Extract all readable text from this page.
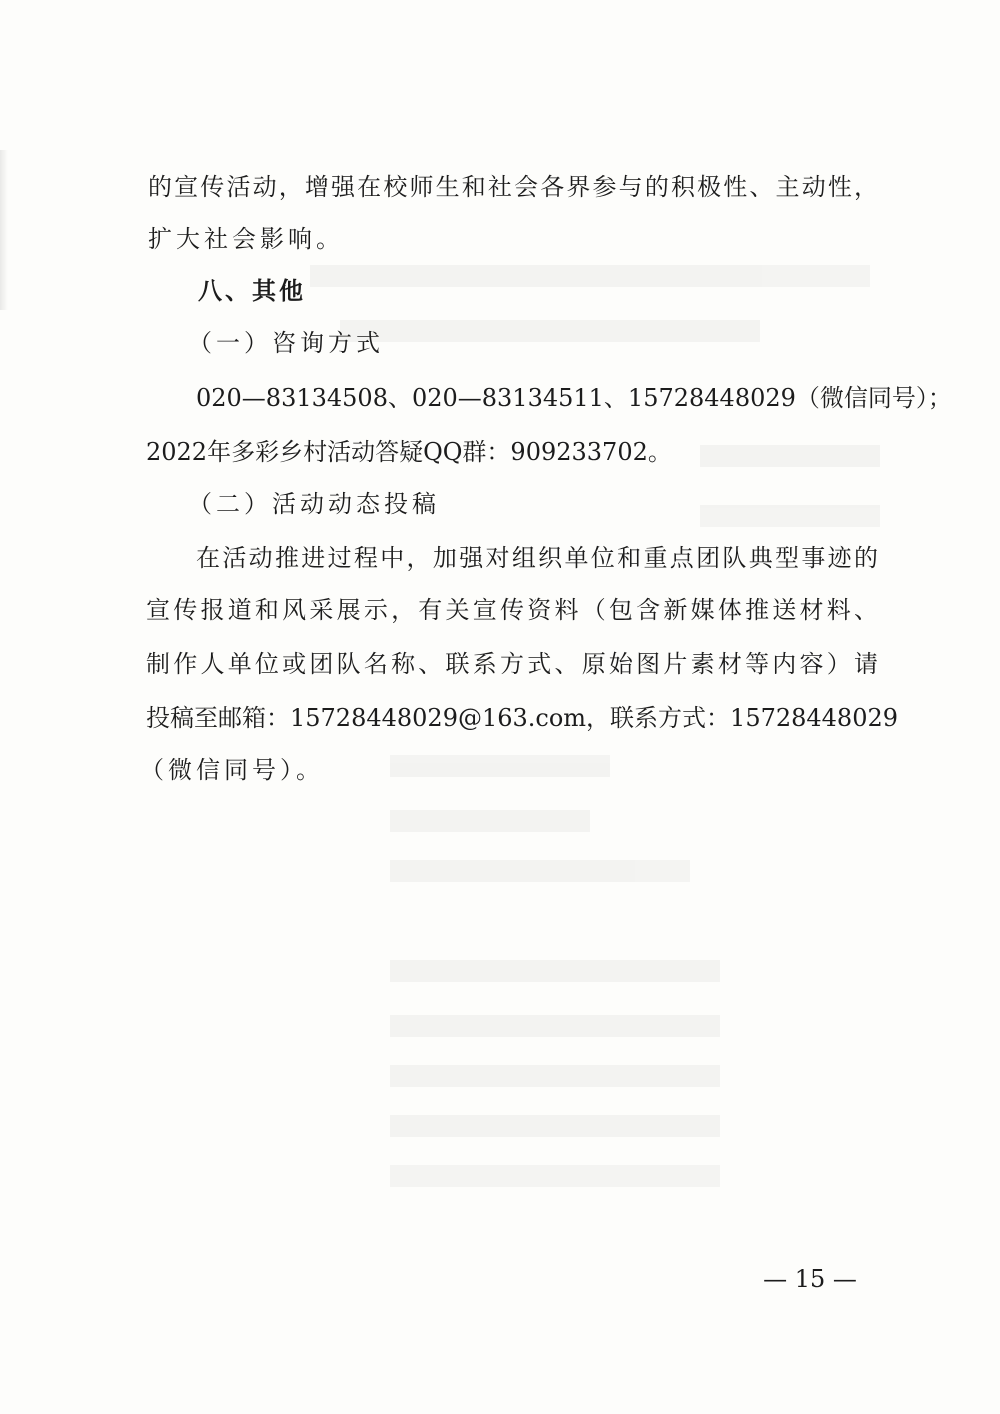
的宣传活动，增强在校师生和社会各界参与的积极性、主动性，
扩大社会影响。
八、其他
（一）咨询方式
020—83134508、020—83134511、15728448029（微信同号）；
2022年多彩乡村活动答疑QQ群：909233702。
（二）活动动态投稿
在活动推进过程中，加强对组织单位和重点团队典型事迹的
宣传报道和风采展示，有关宣传资料（包含新媒体推送材料、
制作人单位或团队名称、联系方式、原始图片素材等内容）请
投稿至邮箱：15728448029@163.com，联系方式：15728448029
（微信同号）。
— 15 —
